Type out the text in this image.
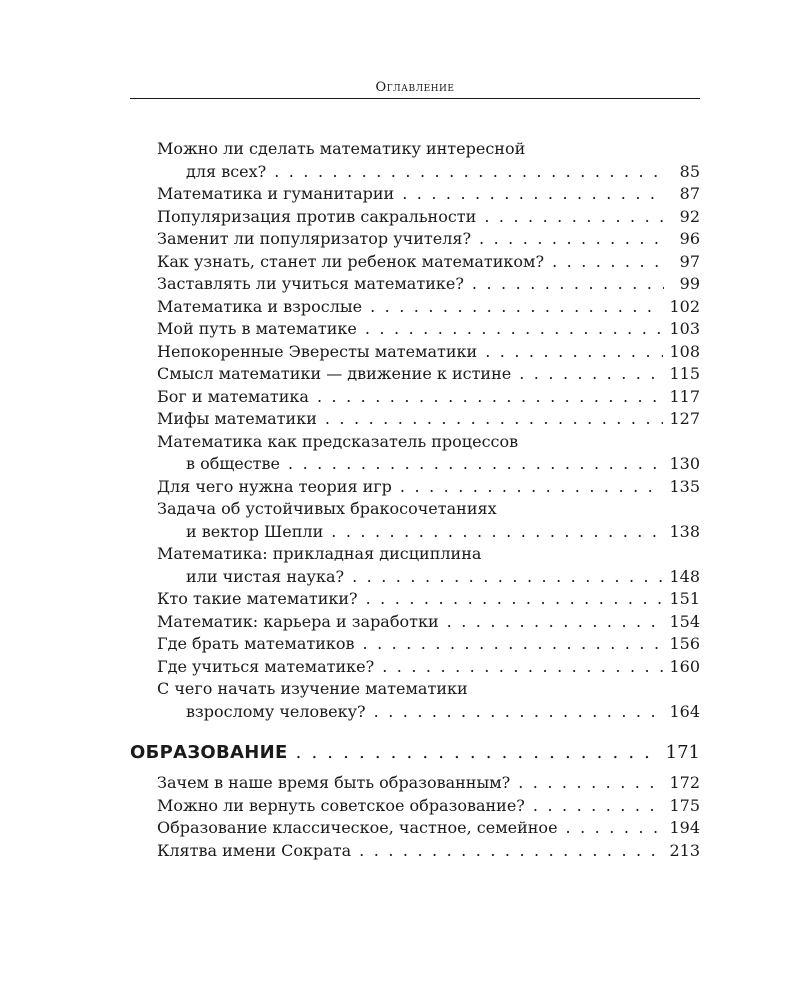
Оглавление
Можно ли сделать математику интересной
для всех? . . .	85
Математика и гуманитарии . . .	87
Популяризация против сакральности . . .	92
Заменит ли популяризатор учителя? . . .	96
Как узнать, станет ли ребенок математиком? . . .	97
Заставлять ли учиться математике? . . .	99
Математика и взрослые . . .	102
Мой путь в математике . . .	103
Непокоренные Эвересты математики . . .	108
Смысл математики — движение к истине . . .	115
Бог и математика . . .	117
Мифы математики . . .	127
Математика как предсказатель процессов
в обществе . . .	130
Для чего нужна теория игр . . .	135
Задача об устойчивых бракосочетаниях
и вектор Шепли . . .	138
Математика: прикладная дисциплина
или чистая наука? . . .	148
Кто такие математики? . . .	151
Математик: карьера и заработки . . .	154
Где брать математиков . . .	156
Где учиться математике? . . .	160
С чего начать изучение математики
взрослому человеку? . . .	164
ОБРАЗОВАНИЕ . . .	171
Зачем в наше время быть образованным? . . .	172
Можно ли вернуть советское образование? . . .	175
Образование классическое, частное, семейное . . .	194
Клятва имени Сократа . . .	213
